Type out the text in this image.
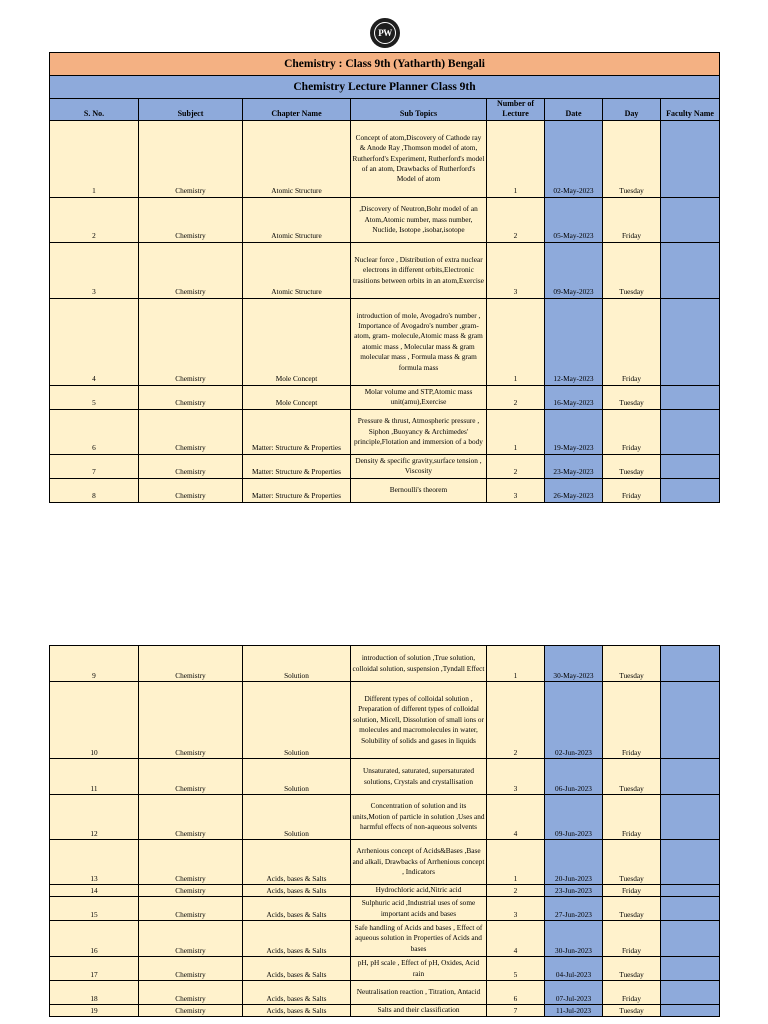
PW
Chemistry : Class 9th (Yatharth) Bengali							
Chemistry Lecture Planner Class 9th							
S. No.	Subject	Chapter Name	Sub Topics	Number of Lecture	Date	Day	Faculty Name
1	Chemistry	Atomic Structure	Concept of atom,Discovery of Cathode ray & Anode Ray ,Thomson model of atom, Rutherford's Experiment, Rutherford's model of an atom, Drawbacks of Rutherford's Model of atom	1	02-May-2023	Tuesday	
2	Chemistry	Atomic Structure	,Discovery of Neutron,Bohr model of an Atom,Atomic number, mass number, Nuclide, Isotope ,isobar,isotope	2	05-May-2023	Friday	
3	Chemistry	Atomic Structure	Nuclear force , Distribution of extra nuclear electrons in different orbits,Electronic trasitions between orbits in an atom,Exercise	3	09-May-2023	Tuesday	
4	Chemistry	Mole Concept	introduction of mole, Avogadro's number , Importance of Avogadro's number ,gram- atom, gram- molecule,Atomic mass & gram atomic mass , Molecular mass & gram molecular mass , Formula mass & gram formula mass	1	12-May-2023	Friday	
5	Chemistry	Mole Concept	Molar volume and STP,Atomic mass unit(amu),Exercise	2	16-May-2023	Tuesday	
6	Chemistry	Matter: Structure & Properties	Pressure & thrust, Atmospheric pressure , Siphon ,Buoyancy & Archimedes' principle,Flotation and immersion of a body	1	19-May-2023	Friday	
7	Chemistry	Matter: Structure & Properties	Density & specific gravity,surface tension , Viscosity	2	23-May-2023	Tuesday	
8	Chemistry	Matter: Structure & Properties	Bernoulli's theorem	3	26-May-2023	Friday	
9	Chemistry	Solution	introduction of solution ,True solution, colloidal solution, suspension ,Tyndall Effect	1	30-May-2023	Tuesday	
10	Chemistry	Solution	Different types of colloidal solution , Preparation of different types of colloidal solution, Micell, Dissolution of small ions or molecules and macromolecules in water, Solubility of solids and gases in liquids	2	02-Jun-2023	Friday	
11	Chemistry	Solution	Unsaturated, saturated, supersaturated solutions, Crystals and crystallisation	3	06-Jun-2023	Tuesday	
12	Chemistry	Solution	Concentration of solution and its units,Motion of particle in solution ,Uses and harmful effects of non-aqueous solvents	4	09-Jun-2023	Friday	
13	Chemistry	Acids, bases & Salts	Arrhenious concept of Acids&Bases ,Base and alkali, Drawbacks of Arrhenious concept , Indicators	1	20-Jun-2023	Tuesday	
14	Chemistry	Acids, bases & Salts	Hydrochloric acid,Nitric acid	2	23-Jun-2023	Friday	
15	Chemistry	Acids, bases & Salts	Sulphuric acid ,Industrial uses of some important acids and bases	3	27-Jun-2023	Tuesday	
16	Chemistry	Acids, bases & Salts	Safe handling of Acids and bases , Effect of aqueous solution in Properties of Acids and bases	4	30-Jun-2023	Friday	
17	Chemistry	Acids, bases & Salts	pH, pH scale , Effect of pH, Oxides, Acid rain	5	04-Jul-2023	Tuesday	
18	Chemistry	Acids, bases & Salts	Neutralisation reaction , Titration, Antacid	6	07-Jul-2023	Friday	
19	Chemistry	Acids, bases & Salts	Salts and their classification	7	11-Jul-2023	Tuesday	
